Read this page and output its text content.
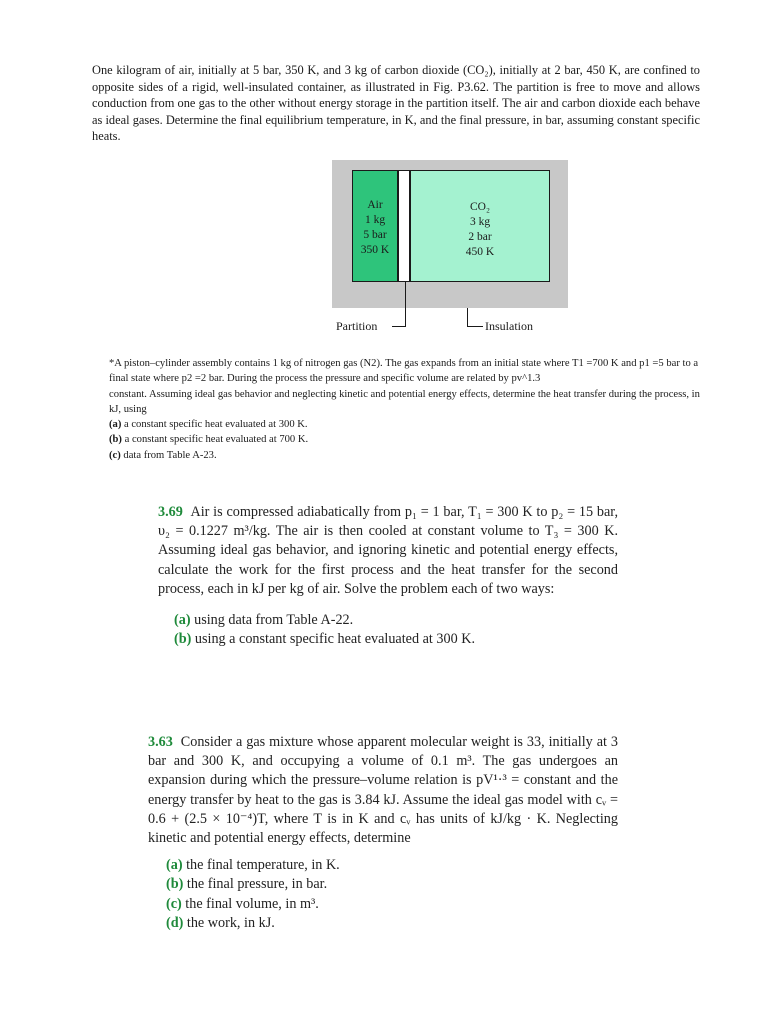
One kilogram of air, initially at 5 bar, 350 K, and 3 kg of carbon dioxide (CO₂), initially at 2 bar, 450 K, are confined to opposite sides of a rigid, well-insulated container, as illustrated in Fig. P3.62. The partition is free to move and allows conduction from one gas to the other without energy storage in the partition itself. The air and carbon dioxide each behave as ideal gases. Determine the final equilibrium temperature, in K, and the final pressure, in bar, assuming constant specific heats.
Air
1 kg
5 bar
350 K
CO₂
3 kg
2 bar
450 K
Partition	Insulation
*A piston–cylinder assembly contains 1 kg of nitrogen gas (N2). The gas expands from an initial state where T1 =700 K and p1 =5 bar to a final state where p2 =2 bar. During the process the pressure and specific volume are related by pv^1.3
constant. Assuming ideal gas behavior and neglecting kinetic and potential energy effects, determine the heat transfer during the process, in kJ, using
(a) a constant specific heat evaluated at 300 K.
(b) a constant specific heat evaluated at 700 K.
(c) data from Table A-23.
3.69 Air is compressed adiabatically from p₁ = 1 bar, T₁ = 300 K to p₂ = 15 bar, υ₂ = 0.1227 m³/kg. The air is then cooled at constant volume to T₃ = 300 K. Assuming ideal gas behavior, and ignoring kinetic and potential energy effects, calculate the work for the first process and the heat transfer for the second process, each in kJ per kg of air. Solve the problem each of two ways:
(a) using data from Table A-22.
(b) using a constant specific heat evaluated at 300 K.
3.63 Consider a gas mixture whose apparent molecular weight is 33, initially at 3 bar and 300 K, and occupying a volume of 0.1 m³. The gas undergoes an expansion during which the pressure–volume relation is pV¹·³ = constant and the energy transfer by heat to the gas is 3.84 kJ. Assume the ideal gas model with cᵥ = 0.6 + (2.5 × 10⁻⁴)T, where T is in K and cᵥ has units of kJ/kg · K. Neglecting kinetic and potential energy effects, determine
(a) the final temperature, in K.
(b) the final pressure, in bar.
(c) the final volume, in m³.
(d) the work, in kJ.
